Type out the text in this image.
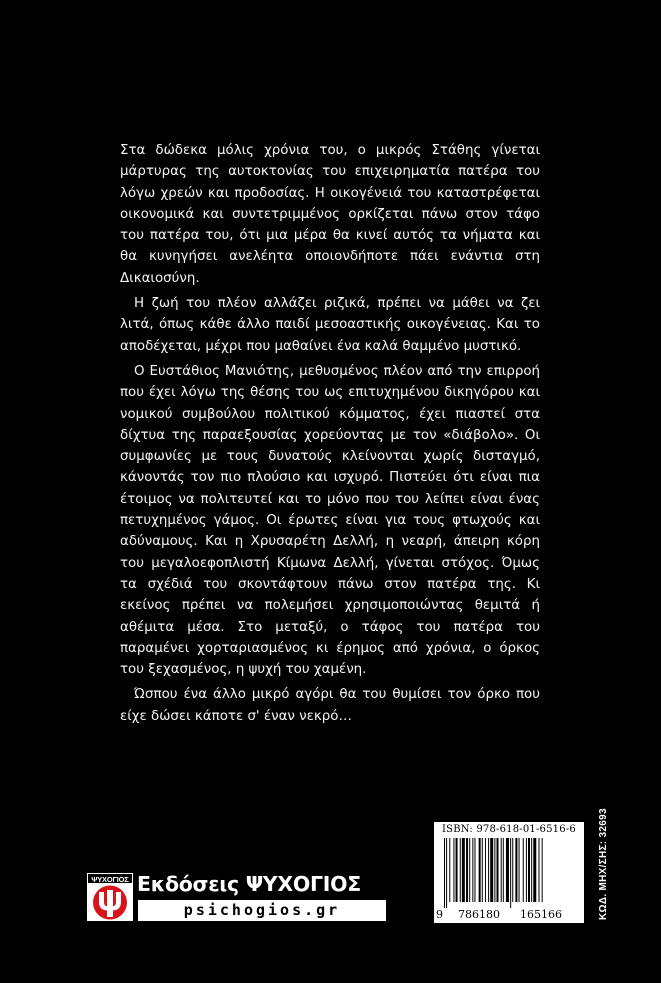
Στα δώδεκα μόλις χρόνια του, ο μικρός Στάθης γίνεται μάρτυρας της αυτοκτονίας του επιχειρηματία πατέρα του λόγω χρεών και προδοσίας. Η οικογένειά του καταστρέφεται οικονομικά και συντετριμμένος ορκίζεται πάνω στον τάφο του πατέρα του, ότι μια μέρα θα κινεί αυτός τα νήματα και θα κυνηγήσει ανελέητα οποιονδήποτε πάει ενάντια στη Δικαιοσύνη.

Η ζωή του πλέον αλλάζει ριζικά, πρέπει να μάθει να ζει λιτά, όπως κάθε άλλο παιδί μεσοαστικής οικογένειας. Και το αποδέχεται, μέχρι που μαθαίνει ένα καλά θαμμένο μυστικό.

Ο Ευστάθιος Μανιότης, μεθυσμένος πλέον από την επιρροή που έχει λόγω της θέσης του ως επιτυχημένου δικηγόρου και νομικού συμβούλου πολιτικού κόμματος, έχει πιαστεί στα δίχτυα της παραεξουσίας χορεύοντας με τον «διάβολο». Οι συμφωνίες με τους δυνατούς κλείνονται χωρίς δισταγμό, κάνοντάς τον πιο πλούσιο και ισχυρό. Πιστεύει ότι είναι πια έτοιμος να πολιτευτεί και το μόνο που του λείπει είναι ένας πετυχημένος γάμος. Οι έρωτες είναι για τους φτωχούς και αδύναμους. Και η Χρυσαρέτη Δελλή, η νεαρή, άπειρη κόρη του μεγαλοεφοπλιστή Κίμωνα Δελλή, γίνεται στόχος. Όμως τα σχέδιά του σκοντάφτουν πάνω στον πατέρα της. Κι εκείνος πρέπει να πολεμήσει χρησιμοποιώντας θεμιτά ή αθέμιτα μέσα. Στο μεταξύ, ο τάφος του πατέρα του παραμένει χορταριασμένος κι έρημος από χρόνια, ο όρκος του ξεχασμένος, η ψυχή του χαμένη.

Ώσπου ένα άλλο μικρό αγόρι θα του θυμίσει τον όρκο που είχε δώσει κάποτε σ' έναν νεκρό…

ISBN: 978-618-01-6516-6
9 786180 165166	ΚΩΔ. ΜΗΧ/ΣΗΣ: 32693
ΨΥΧΟΓΙΟΣ Εκδόσεις ΨΥΧΟΓΙΟΣ
psichogios.gr
